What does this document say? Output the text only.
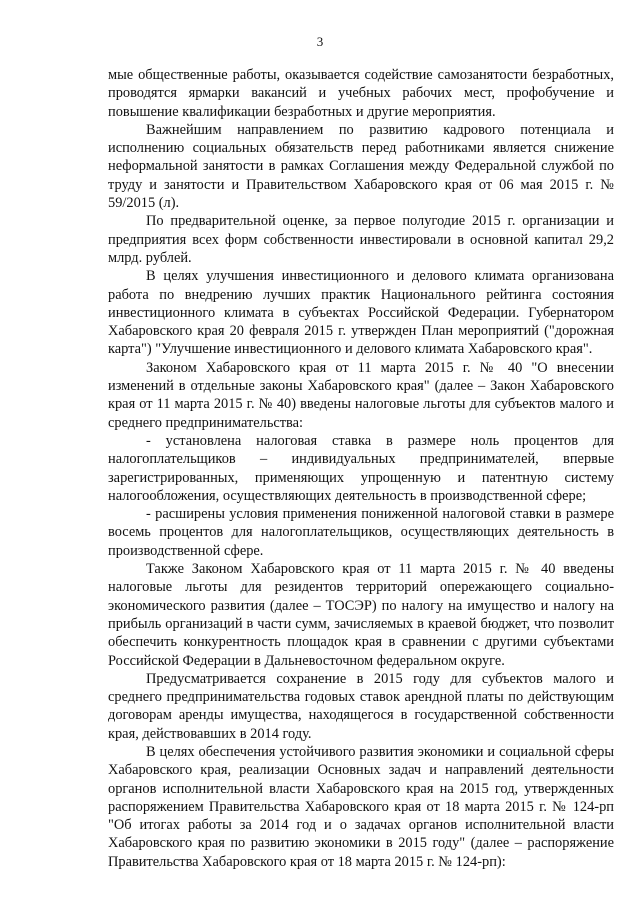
3

мые общественные работы, оказывается содействие самозанятости безработных, проводятся ярмарки вакансий и учебных рабочих мест, профобучение и повышение квалификации безработных и другие мероприятия.

Важнейшим направлением по развитию кадрового потенциала и исполнению социальных обязательств перед работниками является снижение неформальной занятости в рамках Соглашения между Федеральной службой по труду и занятости и Правительством Хабаровского края от 06 мая 2015 г. № 59/2015 (л).

По предварительной оценке, за первое полугодие 2015 г. организации и предприятия всех форм собственности инвестировали в основной капитал 29,2 млрд. рублей.

В целях улучшения инвестиционного и делового климата организована работа по внедрению лучших практик Национального рейтинга состояния инвестиционного климата в субъектах Российской Федерации. Губернатором Хабаровского края 20 февраля 2015 г. утвержден План мероприятий ("дорожная карта") "Улучшение инвестиционного и делового климата Хабаровского края".

Законом Хабаровского края от 11 марта 2015 г. № 40 "О внесении изменений в отдельные законы Хабаровского края" (далее – Закон Хабаровского края от 11 марта 2015 г. № 40) введены налоговые льготы для субъектов малого и среднего предпринимательства:

- установлена налоговая ставка в размере ноль процентов для налогоплательщиков – индивидуальных предпринимателей, впервые зарегистрированных, применяющих упрощенную и патентную систему налогообложения, осуществляющих деятельность в производственной сфере;

- расширены условия применения пониженной налоговой ставки в размере восемь процентов для налогоплательщиков, осуществляющих деятельность в производственной сфере.

Также Законом Хабаровского края от 11 марта 2015 г. № 40 введены налоговые льготы для резидентов территорий опережающего социально-экономического развития (далее – ТОСЭР) по налогу на имущество и налогу на прибыль организаций в части сумм, зачисляемых в краевой бюджет, что позволит обеспечить конкурентность площадок края в сравнении с другими субъектами Российской Федерации в Дальневосточном федеральном округе.

Предусматривается сохранение в 2015 году для субъектов малого и среднего предпринимательства годовых ставок арендной платы по действующим договорам аренды имущества, находящегося в государственной собственности края, действовавших в 2014 году.

В целях обеспечения устойчивого развития экономики и социальной сферы Хабаровского края, реализации Основных задач и направлений деятельности органов исполнительной власти Хабаровского края на 2015 год, утвержденных распоряжением Правительства Хабаровского края от 18 марта 2015 г. № 124-рп "Об итогах работы за 2014 год и о задачах органов исполнительной власти Хабаровского края по развитию экономики в 2015 году" (далее – распоряжение Правительства Хабаровского края от 18 марта 2015 г. № 124-рп):
